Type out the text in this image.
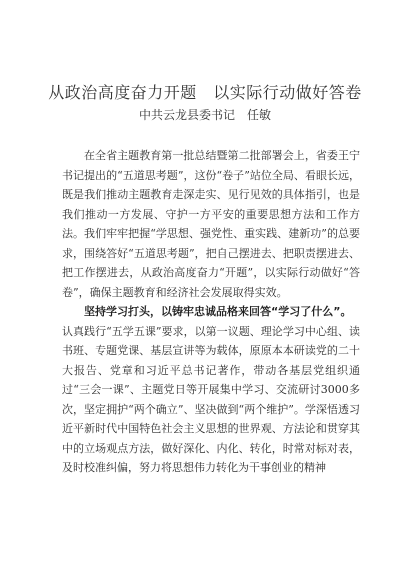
从政治高度奋力开题　以实际行动做好答卷
中共云龙县委书记　任敏

在全省主题教育第一批总结暨第二批部署会上，省委王宁书记提出的“五道思考题”，这份“卷子”站位全局、看眼长远，既是我们推动主题教育走深走实、见行见效的具体指引，也是我们推动一方发展、守护一方平安的重要思想方法和工作方法。我们牢牢把握“学思想、强党性、重实践、建新功”的总要求，围绕答好“五道思考题”，把自己摆进去、把职责摆进去、把工作摆进去，从政治高度奋力“开题”，以实际行动做好“答卷”，确保主题教育和经济社会发展取得实效。

坚持学习打头，以铸牢忠诚品格来回答“学习了什么”。

认真践行“五学五课”要求，以第一议题、理论学习中心组、读书班、专题党课、基层宣讲等为载体，原原本本研读党的二十大报告、党章和习近平总书记著作，带动各基层党组织通过“三会一课”、主题党日等开展集中学习、交流研讨3000多次，坚定拥护“两个确立”、坚决做到“两个维护”。学深悟透习近平新时代中国特色社会主义思想的世界观、方法论和贯穿其中的立场观点方法，做好深化、内化、转化，时常对标对表，及时校准纠偏，努力将思想伟力转化为干事创业的精神
